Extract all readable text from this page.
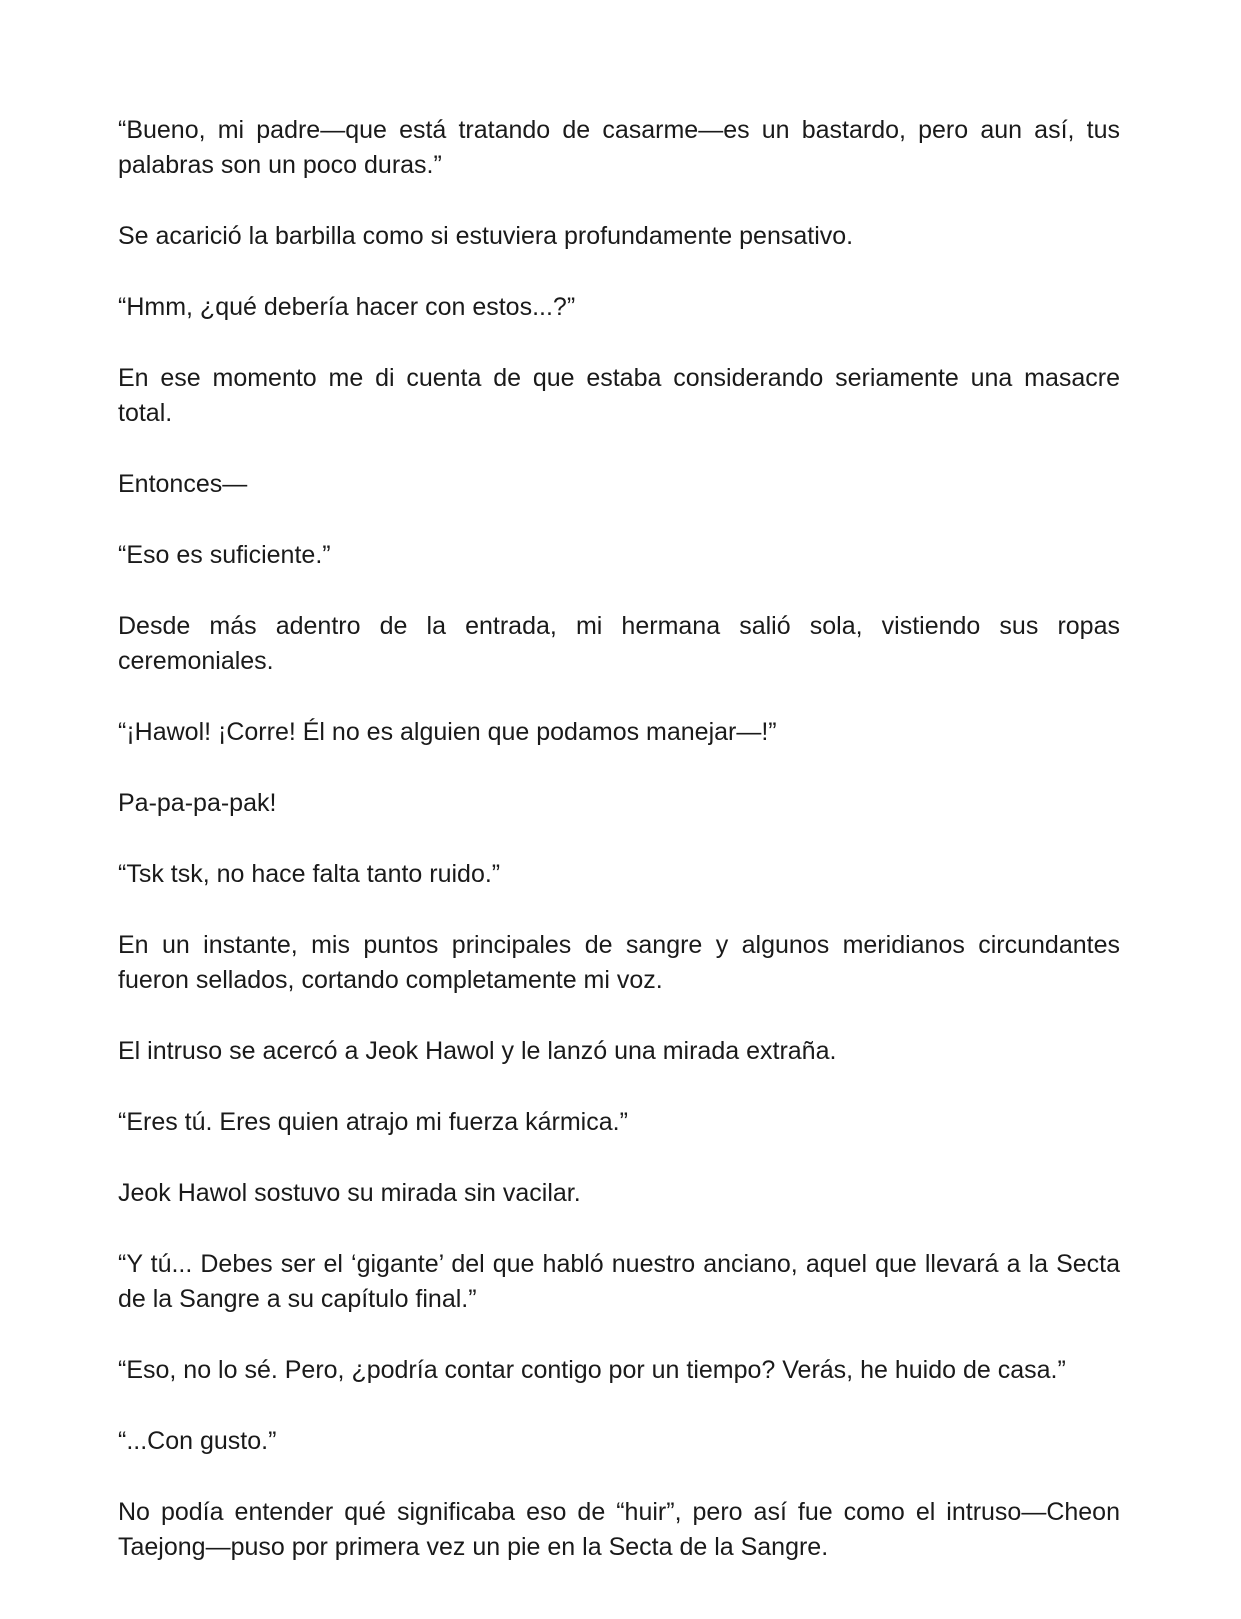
“Bueno, mi padre—que está tratando de casarme—es un bastardo, pero aun así, tus palabras son un poco duras.”

Se acarició la barbilla como si estuviera profundamente pensativo.

“Hmm, ¿qué debería hacer con estos...?”

En ese momento me di cuenta de que estaba considerando seriamente una masacre total.

Entonces—

“Eso es suficiente.”

Desde más adentro de la entrada, mi hermana salió sola, vistiendo sus ropas ceremoniales.

“¡Hawol! ¡Corre! Él no es alguien que podamos manejar—!”

Pa-pa-pa-pak!

“Tsk tsk, no hace falta tanto ruido.”

En un instante, mis puntos principales de sangre y algunos meridianos circundantes fueron sellados, cortando completamente mi voz.

El intruso se acercó a Jeok Hawol y le lanzó una mirada extraña.

“Eres tú. Eres quien atrajo mi fuerza kármica.”

Jeok Hawol sostuvo su mirada sin vacilar.

“Y tú... Debes ser el ‘gigante’ del que habló nuestro anciano, aquel que llevará a la Secta de la Sangre a su capítulo final.”

“Eso, no lo sé. Pero, ¿podría contar contigo por un tiempo? Verás, he huido de casa.”

“...Con gusto.”

No podía entender qué significaba eso de “huir”, pero así fue como el intruso—Cheon Taejong—puso por primera vez un pie en la Secta de la Sangre.
